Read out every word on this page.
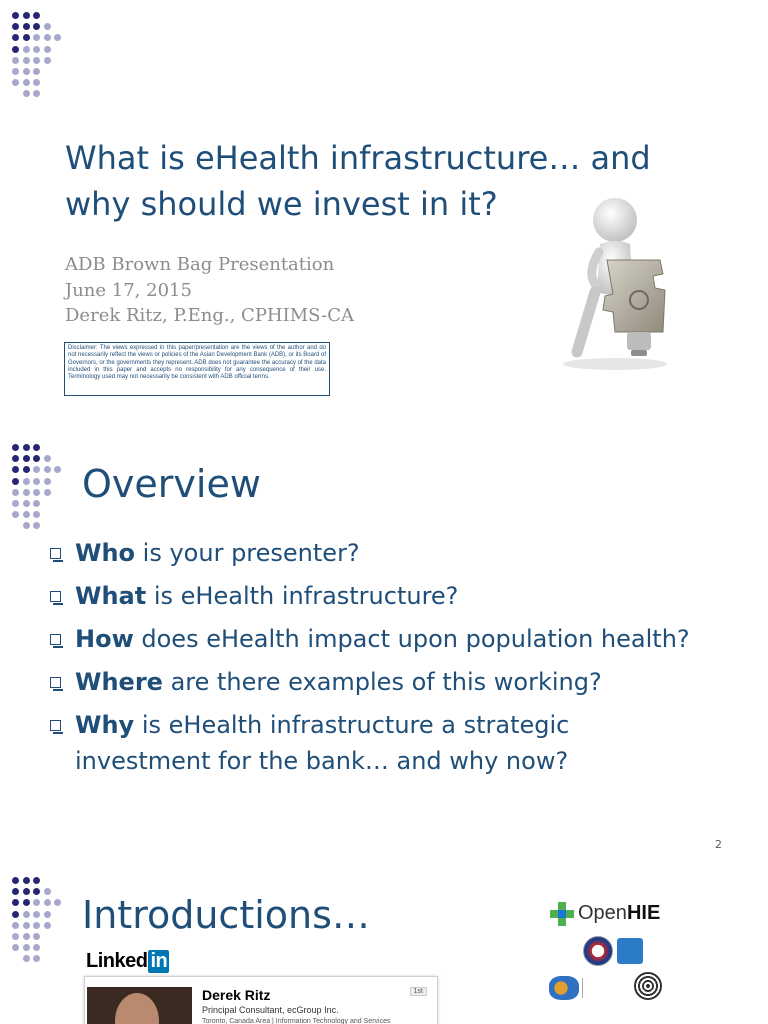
What is eHealth infrastructure… and
why should we invest in it?
ADB Brown Bag Presentation
June 17, 2015
Derek Ritz, P.Eng., CPHIMS-CA
Disclaimer: The views expressed in this paper/presentation are the views of the author and do not necessarily reflect the views or policies of the Asian Development Bank (ADB), or its Board of Governors, or the governments they represent. ADB does not guarantee the accuracy of the data included in this paper and accepts no responsibility for any consequence of their use. Terminology used may not necessarily be consistent with ADB official terms.
Overview
Who is your presenter?
What is eHealth infrastructure?
How does eHealth impact upon population health?
Where are there examples of this working?
Why is eHealth infrastructure a strategic investment for the bank… and why now?
2
Introductions…
Linked in
Derek Ritz
Principal Consultant, ecGroup Inc.
Toronto, Canada Area | Information Technology and Services
1st
OpenHIE
